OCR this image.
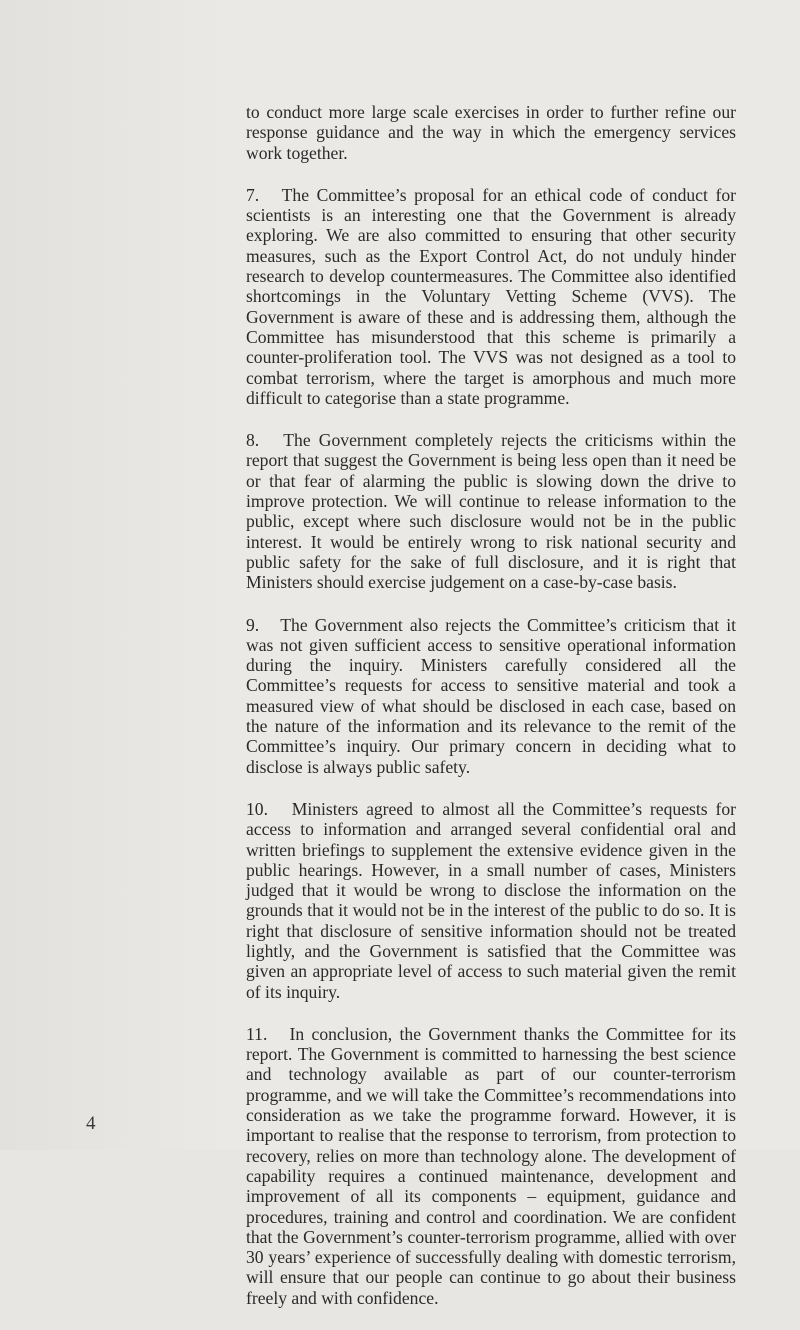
to conduct more large scale exercises in order to further refine our response guidance and the way in which the emergency services work together.

7. The Committee’s proposal for an ethical code of conduct for scientists is an interesting one that the Government is already exploring. We are also committed to ensuring that other security measures, such as the Export Control Act, do not unduly hinder research to develop countermeasures. The Committee also identified shortcomings in the Voluntary Vetting Scheme (VVS). The Government is aware of these and is addressing them, although the Committee has misunderstood that this scheme is primarily a counter-proliferation tool. The VVS was not designed as a tool to combat terrorism, where the target is amorphous and much more difficult to categorise than a state programme.

8. The Government completely rejects the criticisms within the report that suggest the Government is being less open than it need be or that fear of alarming the public is slowing down the drive to improve protection. We will continue to release information to the public, except where such disclosure would not be in the public interest. It would be entirely wrong to risk national security and public safety for the sake of full disclosure, and it is right that Ministers should exercise judgement on a case-by-case basis.

9. The Government also rejects the Committee’s criticism that it was not given sufficient access to sensitive operational information during the inquiry. Ministers carefully considered all the Committee’s requests for access to sensitive material and took a measured view of what should be disclosed in each case, based on the nature of the information and its relevance to the remit of the Committee’s inquiry. Our primary concern in deciding what to disclose is always public safety.

10. Ministers agreed to almost all the Committee’s requests for access to information and arranged several confidential oral and written briefings to supplement the extensive evidence given in the public hearings. However, in a small number of cases, Ministers judged that it would be wrong to disclose the information on the grounds that it would not be in the interest of the public to do so. It is right that disclosure of sensitive information should not be treated lightly, and the Government is satisfied that the Committee was given an appropriate level of access to such material given the remit of its inquiry.

11. In conclusion, the Government thanks the Committee for its report. The Government is committed to harnessing the best science and technology available as part of our counter-terrorism programme, and we will take the Committee’s recommendations into consideration as we take the programme forward. However, it is important to realise that the response to terrorism, from protection to recovery, relies on more than technology alone. The development of capability requires a continued maintenance, development and improvement of all its components – equipment, guidance and procedures, training and control and coordination. We are confident that the Government’s counter-terrorism programme, allied with over 30 years’ experience of successfully dealing with domestic terrorism, will ensure that our people can continue to go about their business freely and with confidence.

4
